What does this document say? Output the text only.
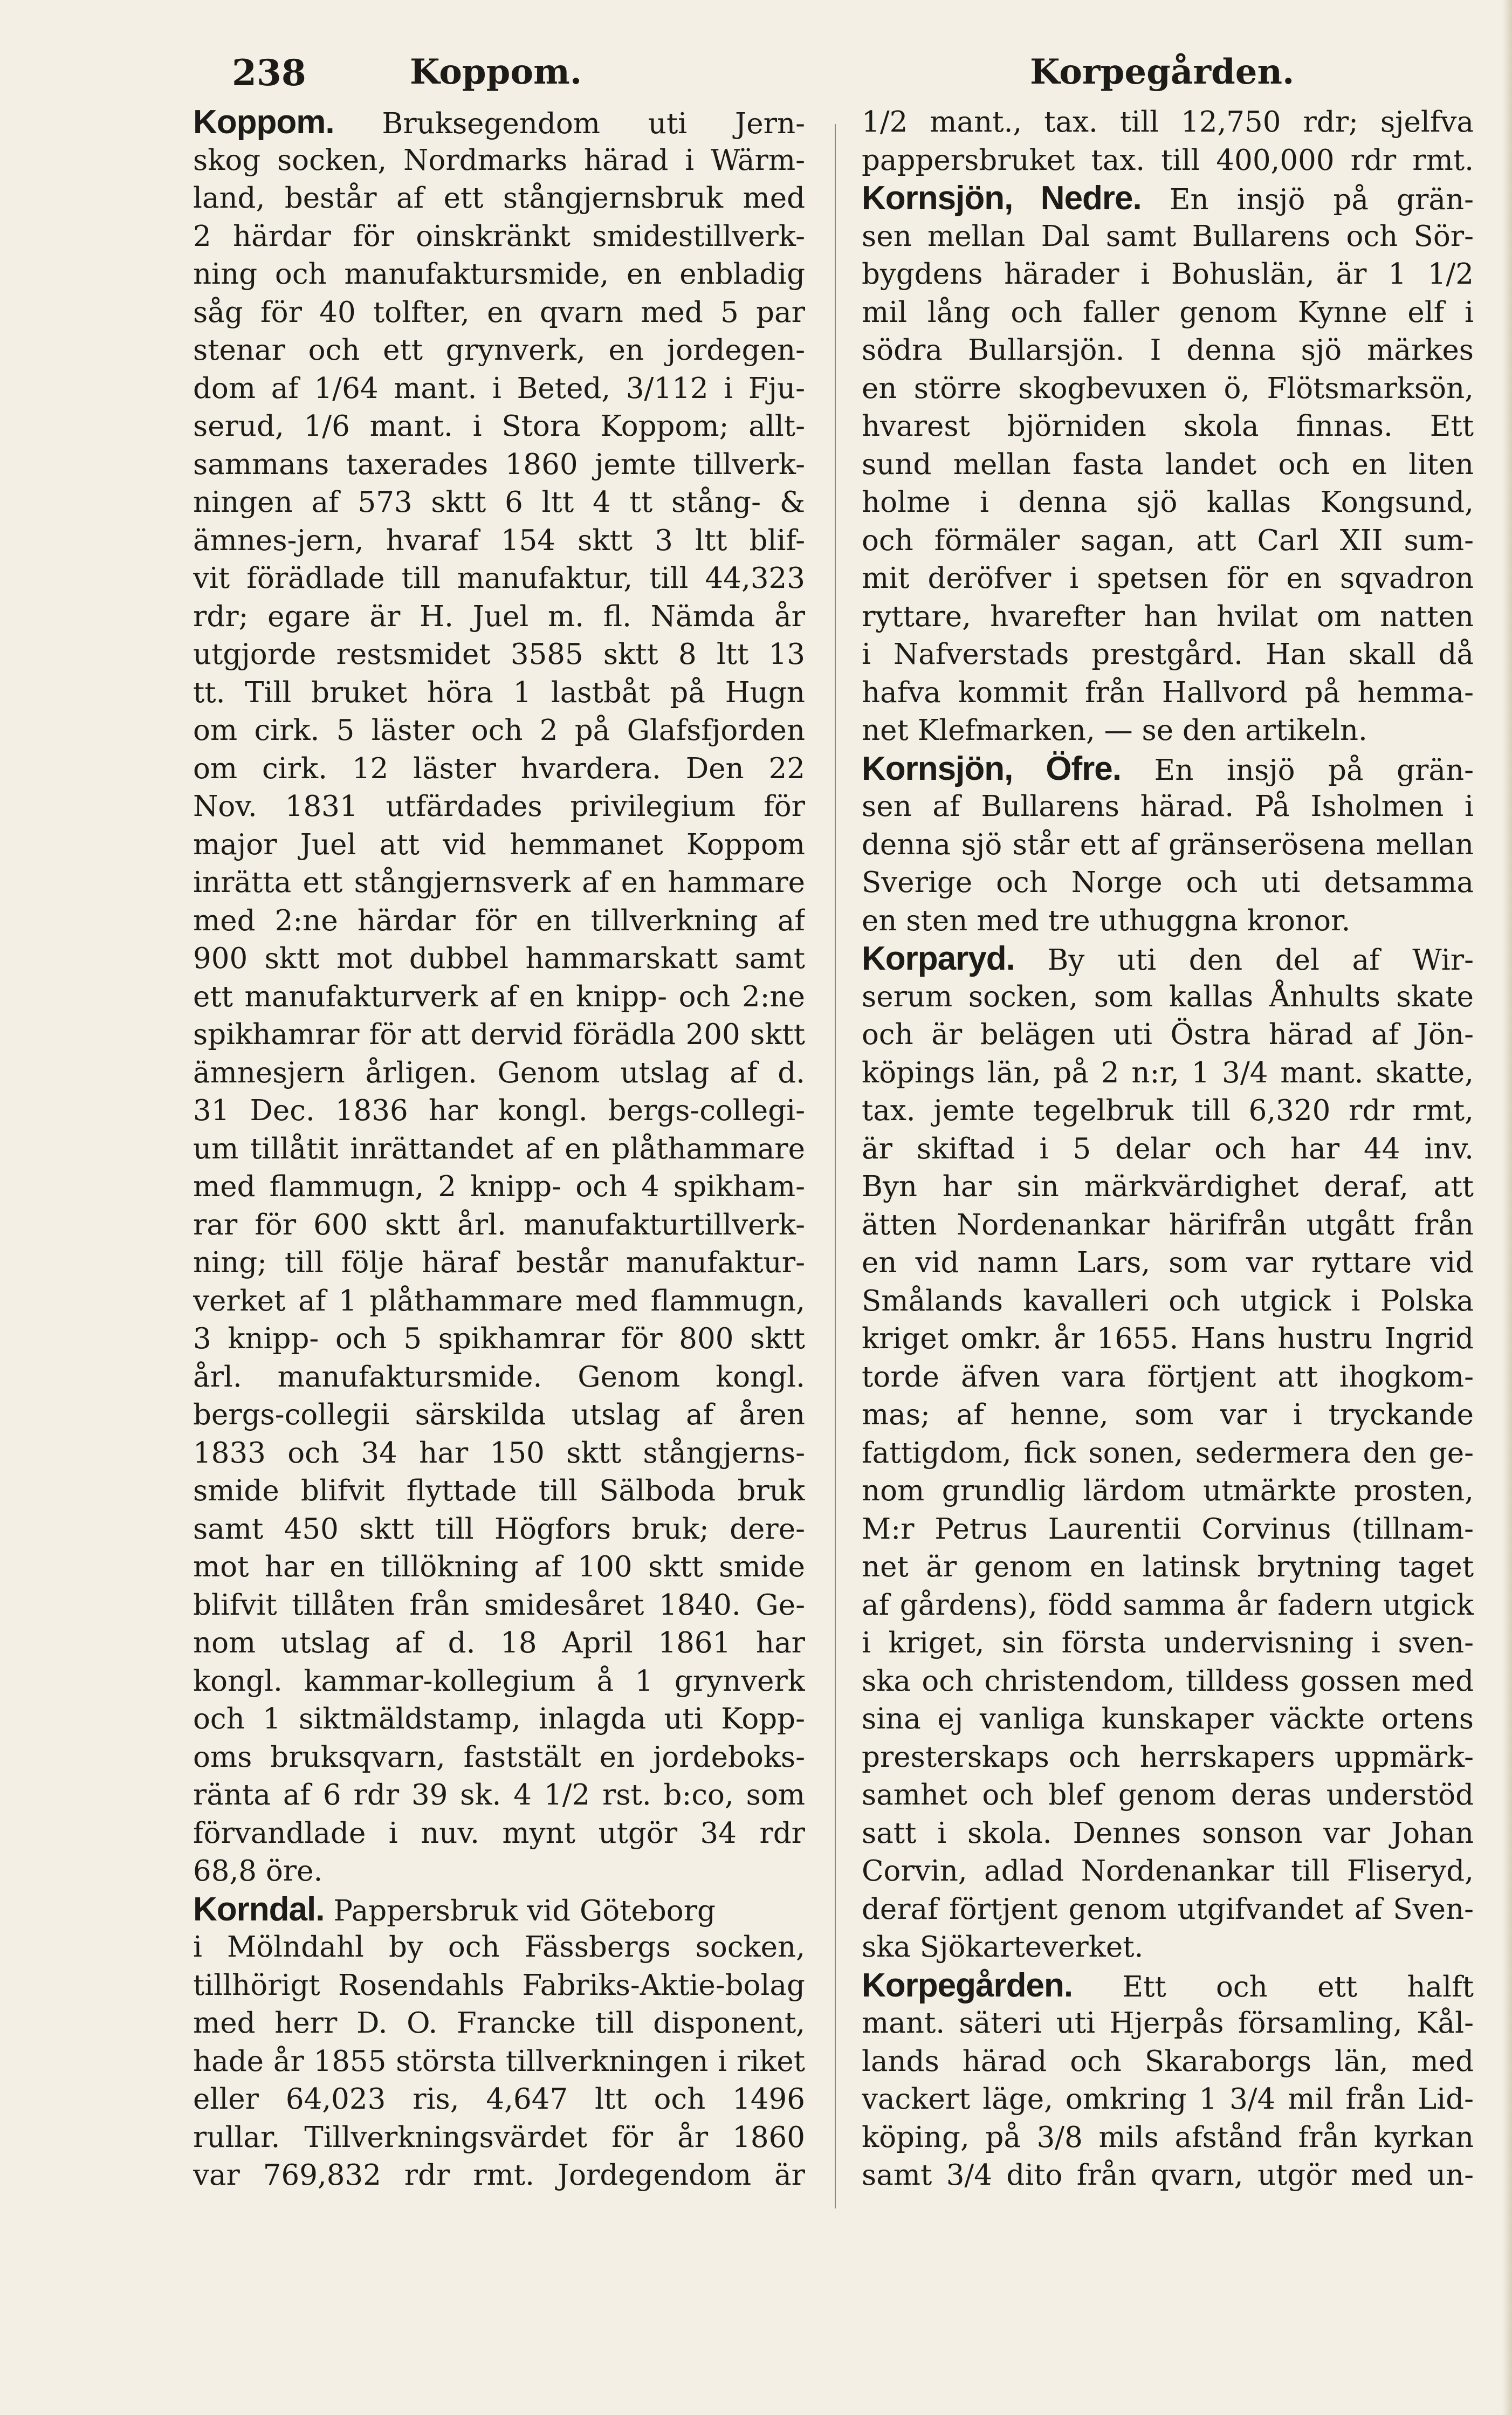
238	Koppom.	Korpegården.
Koppom. Bruksegendom uti Jern-
skog socken, Nordmarks härad i Wärm-
land, består af ett stångjernsbruk med
2 härdar för oinskränkt smidestillverk-
ning och manufaktursmide, en enbladig
såg för 40 tolfter, en qvarn med 5 par
stenar och ett grynverk, en jordegen-
dom af 1/64 mant. i Beted, 3/112 i Fju-
serud, 1/6 mant. i Stora Koppom; allt-
sammans taxerades 1860 jemte tillverk-
ningen af 573 sktt 6 ltt 4 tt stång- &
ämnes-jern, hvaraf 154 sktt 3 ltt blif-
vit förädlade till manufaktur, till 44,323
rdr; egare är H. Juel m. fl. Nämda år
utgjorde restsmidet 3585 sktt 8 ltt 13
tt. Till bruket höra 1 lastbåt på Hugn
om cirk. 5 läster och 2 på Glafsfjorden
om cirk. 12 läster hvardera. Den 22
Nov. 1831 utfärdades privilegium för
major Juel att vid hemmanet Koppom
inrätta ett stångjernsverk af en hammare
med 2:ne härdar för en tillverkning af
900 sktt mot dubbel hammarskatt samt
ett manufakturverk af en knipp- och 2:ne
spikhamrar för att dervid förädla 200 sktt
ämnesjern årligen. Genom utslag af d.
31 Dec. 1836 har kongl. bergs-collegi-
um tillåtit inrättandet af en plåthammare
med flammugn, 2 knipp- och 4 spikham-
rar för 600 sktt årl. manufakturtillverk-
ning; till följe häraf består manufaktur-
verket af 1 plåthammare med flammugn,
3 knipp- och 5 spikhamrar för 800 sktt
årl. manufaktursmide. Genom kongl.
bergs-collegii särskilda utslag af åren
1833 och 34 har 150 sktt stångjerns-
smide blifvit flyttade till Sälboda bruk
samt 450 sktt till Högfors bruk; dere-
mot har en tillökning af 100 sktt smide
blifvit tillåten från smidesåret 1840. Ge-
nom utslag af d. 18 April 1861 har
kongl. kammar-kollegium å 1 grynverk
och 1 siktmäldstamp, inlagda uti Kopp-
oms bruksqvarn, faststält en jordeboks-
ränta af 6 rdr 39 sk. 4 1/2 rst. b:co, som
förvandlade i nuv. mynt utgör 34 rdr
68,8 öre.
Korndal. Pappersbruk vid Göteborg
i Mölndahl by och Fässbergs socken,
tillhörigt Rosendahls Fabriks-Aktie-bolag
med herr D. O. Francke till disponent,
hade år 1855 största tillverkningen i riket
eller 64,023 ris, 4,647 ltt och 1496
rullar. Tillverkningsvärdet för år 1860
var 769,832 rdr rmt. Jordegendom är
1/2 mant., tax. till 12,750 rdr; sjelfva
pappersbruket tax. till 400,000 rdr rmt.
Kornsjön, Nedre. En insjö på grän-
sen mellan Dal samt Bullarens och Sör-
bygdens härader i Bohuslän, är 1 1/2
mil lång och faller genom Kynne elf i
södra Bullarsjön. I denna sjö märkes
en större skogbevuxen ö, Flötsmarksön,
hvarest björniden skola finnas. Ett
sund mellan fasta landet och en liten
holme i denna sjö kallas Kongsund,
och förmäler sagan, att Carl XII sum-
mit deröfver i spetsen för en sqvadron
ryttare, hvarefter han hvilat om natten
i Nafverstads prestgård. Han skall då
hafva kommit från Hallvord på hemma-
net Klefmarken, — se den artikeln.
Kornsjön, Öfre. En insjö på grän-
sen af Bullarens härad. På Isholmen i
denna sjö står ett af gränserösena mellan
Sverige och Norge och uti detsamma
en sten med tre uthuggna kronor.
Korparyd. By uti den del af Wir-
serum socken, som kallas Ånhults skate
och är belägen uti Östra härad af Jön-
köpings län, på 2 n:r, 1 3/4 mant. skatte,
tax. jemte tegelbruk till 6,320 rdr rmt,
är skiftad i 5 delar och har 44 inv.
Byn har sin märkvärdighet deraf, att
ätten Nordenankar härifrån utgått från
en vid namn Lars, som var ryttare vid
Smålands kavalleri och utgick i Polska
kriget omkr. år 1655. Hans hustru Ingrid
torde äfven vara förtjent att ihogkom-
mas; af henne, som var i tryckande
fattigdom, fick sonen, sedermera den ge-
nom grundlig lärdom utmärkte prosten,
M:r Petrus Laurentii Corvinus (tillnam-
net är genom en latinsk brytning taget
af gårdens), född samma år fadern utgick
i kriget, sin första undervisning i sven-
ska och christendom, tilldess gossen med
sina ej vanliga kunskaper väckte ortens
presterskaps och herrskapers uppmärk-
samhet och blef genom deras understöd
satt i skola. Dennes sonson var Johan
Corvin, adlad Nordenankar till Fliseryd,
deraf förtjent genom utgifvandet af Sven-
ska Sjökarteverket.
Korpegården. Ett och ett halft
mant. säteri uti Hjerpås församling, Kål-
lands härad och Skaraborgs län, med
vackert läge, omkring 1 3/4 mil från Lid-
köping, på 3/8 mils afstånd från kyrkan
samt 3/4 dito från qvarn, utgör med un-
